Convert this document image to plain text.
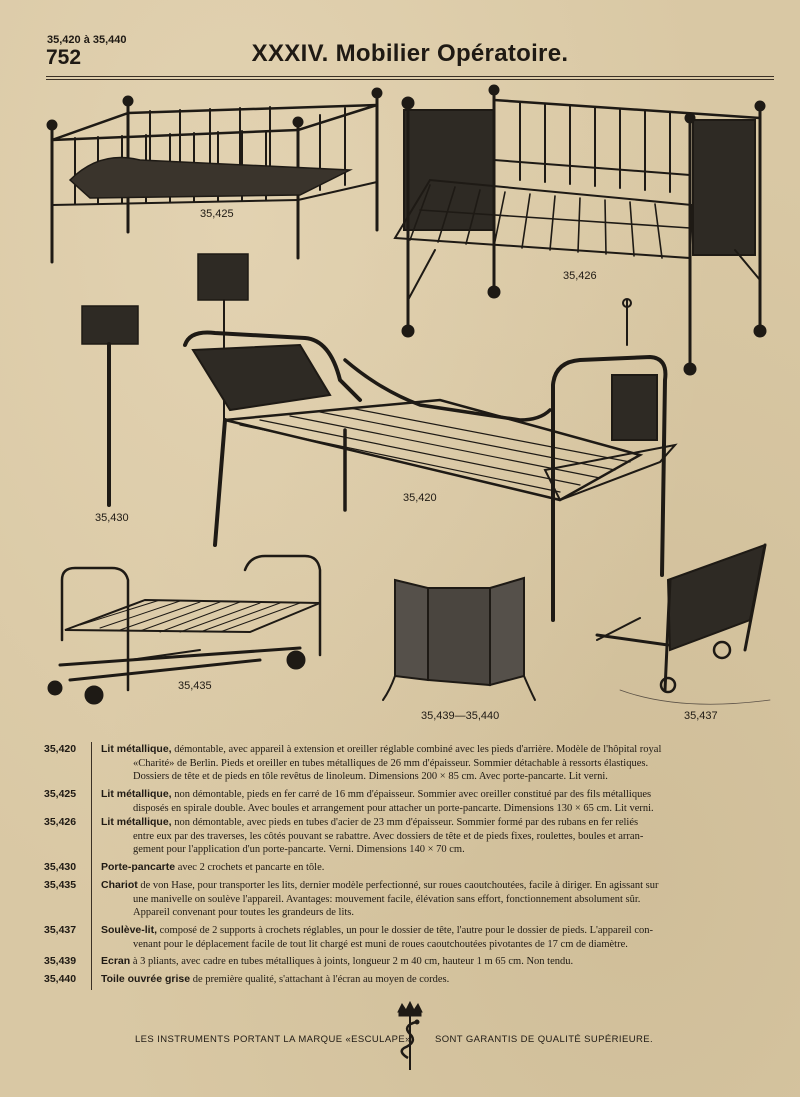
35,420 à 35,440
752	XXXIV. Mobilier Opératoire.
35,425
35,426
35,430
35,420
35,435
35,439—35,440	35,437
35,420	Lit métallique, démontable, avec appareil à extension et oreiller réglable combiné avec les pieds d'arrière. Modèle de l'hôpital royal
«Charité» de Berlin. Pieds et oreiller en tubes métalliques de 26 mm d'épaisseur. Sommier détachable à ressorts élastiques.
Dossiers de tête et de pieds en tôle revêtus de linoleum. Dimensions 200 × 85 cm. Avec porte-pancarte. Lit verni.
35,425	Lit métallique, non démontable, pieds en fer carré de 16 mm d'épaisseur. Sommier avec oreiller constitué par des fils métalliques
disposés en spirale double. Avec boules et arrangement pour attacher un porte-pancarte. Dimensions 130 × 65 cm. Lit verni.
35,426	Lit métallique, non démontable, avec pieds en tubes d'acier de 23 mm d'épaisseur. Sommier formé par des rubans en fer reliés
entre eux par des traverses, les côtés pouvant se rabattre. Avec dossiers de tête et de pieds fixes, roulettes, boules et arran-
gement pour l'application d'un porte-pancarte. Verni. Dimensions 140 × 70 cm.
35,430	Porte-pancarte avec 2 crochets et pancarte en tôle.
35,435	Chariot de von Hase, pour transporter les lits, dernier modèle perfectionné, sur roues caoutchoutées, facile à diriger. En agissant sur
une manivelle on soulève l'appareil. Avantages: mouvement facile, élévation sans effort, fonctionnement absolument sûr.
Appareil convenant pour toutes les grandeurs de lits.
35,437	Soulève-lit, composé de 2 supports à crochets réglables, un pour le dossier de tête, l'autre pour le dossier de pieds. L'appareil con-
venant pour le déplacement facile de tout lit chargé est muni de roues caoutchoutées pivotantes de 17 cm de diamètre.
35,439	Ecran à 3 pliants, avec cadre en tubes métalliques à joints, longueur 2 m 40 cm, hauteur 1 m 65 cm. Non tendu.
35,440	Toile ouvrée grise de première qualité, s'attachant à l'écran au moyen de cordes.
LES INSTRUMENTS PORTANT LA MARQUE «ESCULAPE»	SONT GARANTIS DE QUALITÉ SUPÉRIEURE.
